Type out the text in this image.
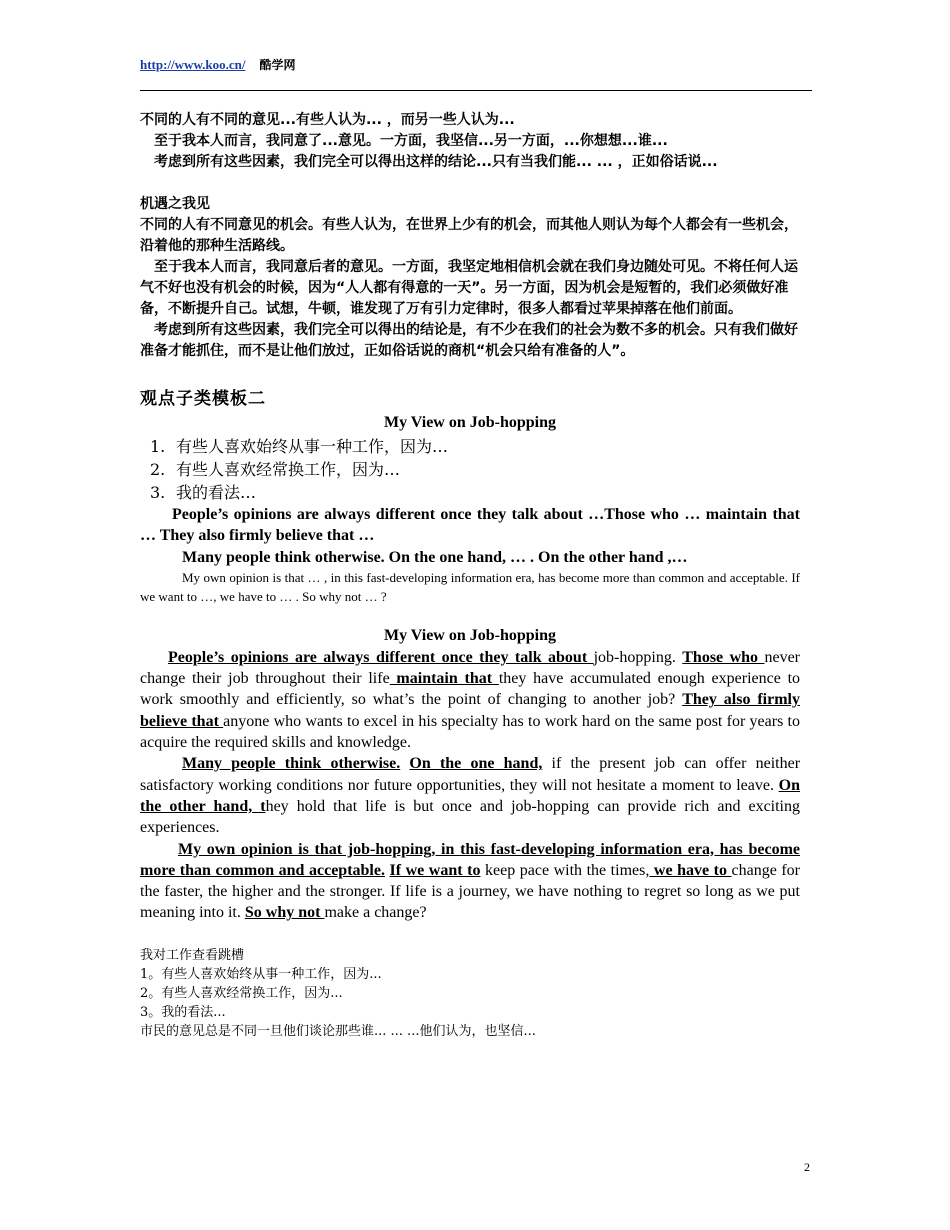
http://www.koo.cn/ 酷学网

不同的人有不同的意见...有些人认为... ，而另一些人认为...

至于我本人而言，我同意了...意见。一方面，我坚信...另一方面，...你想想...谁...

考虑到所有这些因素，我们完全可以得出这样的结论...只有当我们能... ... ，正如俗话说...

机遇之我见

不同的人有不同意见的机会。有些人认为，在世界上少有的机会，而其他人则认为每个人都会有一些机会，沿着他的那种生活路线。

至于我本人而言，我同意后者的意见。一方面，我坚定地相信机会就在我们身边随处可见。不将任何人运气不好也没有机会的时候，因为“人人都有得意的一天”。另一方面，因为机会是短暂的，我们必须做好准备，不断提升自己。试想，牛顿，谁发现了万有引力定律时，很多人都看过苹果掉落在他们前面。

考虑到所有这些因素，我们完全可以得出的结论是，有不少在我们的社会为数不多的机会。只有我们做好准备才能抓住，而不是让他们放过，正如俗话说的商机“机会只给有准备的人”。

观点子类模板二

My View on Job-hopping

1. 有些人喜欢始终从事一种工作，因为…
2. 有些人喜欢经常换工作，因为…
3. 我的看法…

People’s opinions are always different once they talk about …Those who … maintain that … They also firmly believe that …

Many people think otherwise. On the one hand, … . On the other hand ,…

My own opinion is that … , in this fast-developing information era, has become more than common and acceptable. If we want to …, we have to … . So why not … ?

My View on Job-hopping

People’s opinions are always different once they talk about job-hopping. Those who never change their job throughout their life maintain that they have accumulated enough experience to work smoothly and efficiently, so what’s the point of changing to another job? They also firmly believe that anyone who wants to excel in his specialty has to work hard on the same post for years to acquire the required skills and knowledge.

Many people think otherwise. On the one hand, if the present job can offer neither satisfactory working conditions nor future opportunities, they will not hesitate a moment to leave. On the other hand, they hold that life is but once and job-hopping can provide rich and exciting experiences.

My own opinion is that job-hopping, in this fast-developing information era, has become more than common and acceptable. If we want to keep pace with the times, we have to change for the faster, the higher and the stronger. If life is a journey, we have nothing to regret so long as we put meaning into it. So why not make a change?

我对工作查看跳槽

1。有些人喜欢始终从事一种工作，因为...

2。有些人喜欢经常换工作，因为...

3。我的看法...

市民的意见总是不同一旦他们谈论那些谁... ... ...他们认为，也坚信...

2
